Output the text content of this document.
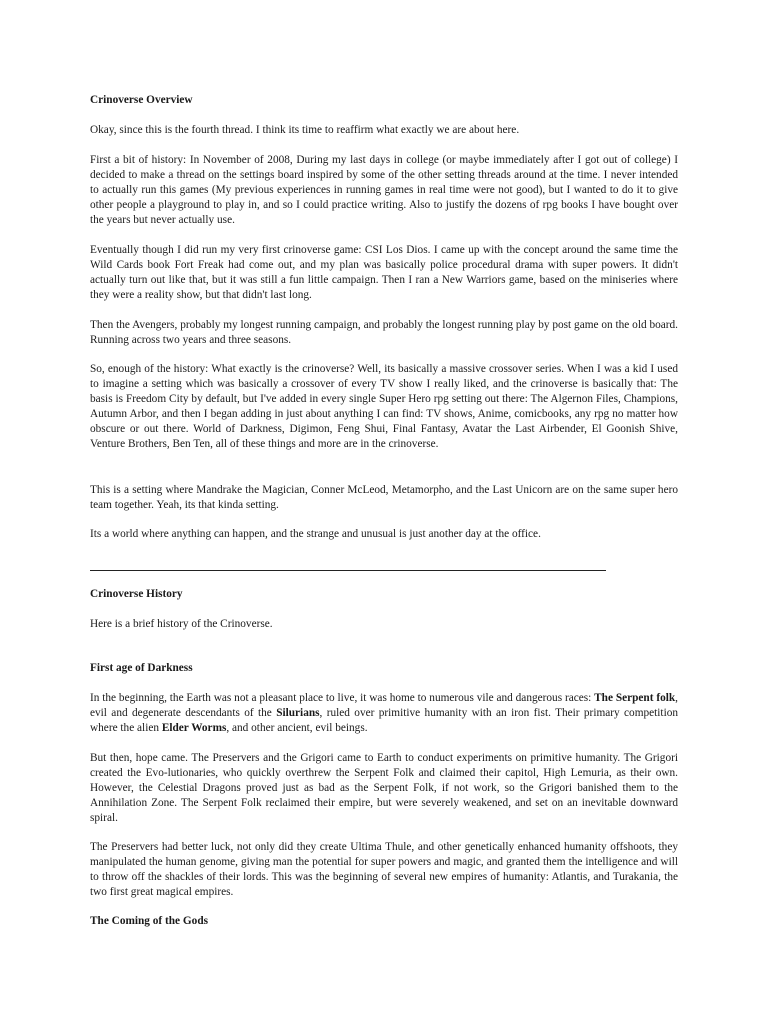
Crinoverse Overview

Okay, since this is the fourth thread. I think its time to reaffirm what exactly we are about here.

First a bit of history: In November of 2008, During my last days in college (or maybe immediately after I got out of college) I decided to make a thread on the settings board inspired by some of the other setting threads around at the time. I never intended to actually run this games (My previous experiences in running games in real time were not good), but I wanted to do it to give other people a playground to play in, and so I could practice writing. Also to justify the dozens of rpg books I have bought over the years but never actually use.

Eventually though I did run my very first crinoverse game: CSI Los Dios. I came up with the concept around the same time the Wild Cards book Fort Freak had come out, and my plan was basically police procedural drama with super powers. It didn't actually turn out like that, but it was still a fun little campaign. Then I ran a New Warriors game, based on the miniseries where they were a reality show, but that didn't last long.

Then the Avengers, probably my longest running campaign, and probably the longest running play by post game on the old board. Running across two years and three seasons.

So, enough of the history: What exactly is the crinoverse? Well, its basically a massive crossover series. When I was a kid I used to imagine a setting which was basically a crossover of every TV show I really liked, and the crinoverse is basically that: The basis is Freedom City by default, but I've added in every single Super Hero rpg setting out there: The Algernon Files, Champions, Autumn Arbor, and then I began adding in just about anything I can find: TV shows, Anime, comicbooks, any rpg no matter how obscure or out there. World of Darkness, Digimon, Feng Shui, Final Fantasy, Avatar the Last Airbender, El Goonish Shive, Venture Brothers, Ben Ten, all of these things and more are in the crinoverse.

This is a setting where Mandrake the Magician, Conner McLeod, Metamorpho, and the Last Unicorn are on the same super hero team together. Yeah, its that kinda setting.

Its a world where anything can happen, and the strange and unusual is just another day at the office.

Crinoverse History

Here is a brief history of the Crinoverse.

First age of Darkness

In the beginning, the Earth was not a pleasant place to live, it was home to numerous vile and dangerous races: The Serpent folk, evil and degenerate descendants of the Silurians, ruled over primitive humanity with an iron fist. Their primary competition where the alien Elder Worms, and other ancient, evil beings.

But then, hope came. The Preservers and the Grigori came to Earth to conduct experiments on primitive humanity. The Grigori created the Evo-lutionaries, who quickly overthrew the Serpent Folk and claimed their capitol, High Lemuria, as their own. However, the Celestial Dragons proved just as bad as the Serpent Folk, if not work, so the Grigori banished them to the Annihilation Zone. The Serpent Folk reclaimed their empire, but were severely weakened, and set on an inevitable downward spiral.

The Preservers had better luck, not only did they create Ultima Thule, and other genetically enhanced humanity offshoots, they manipulated the human genome, giving man the potential for super powers and magic, and granted them the intelligence and will to throw off the shackles of their lords. This was the beginning of several new empires of humanity: Atlantis, and Turakania, the two first great magical empires.

The Coming of the Gods
